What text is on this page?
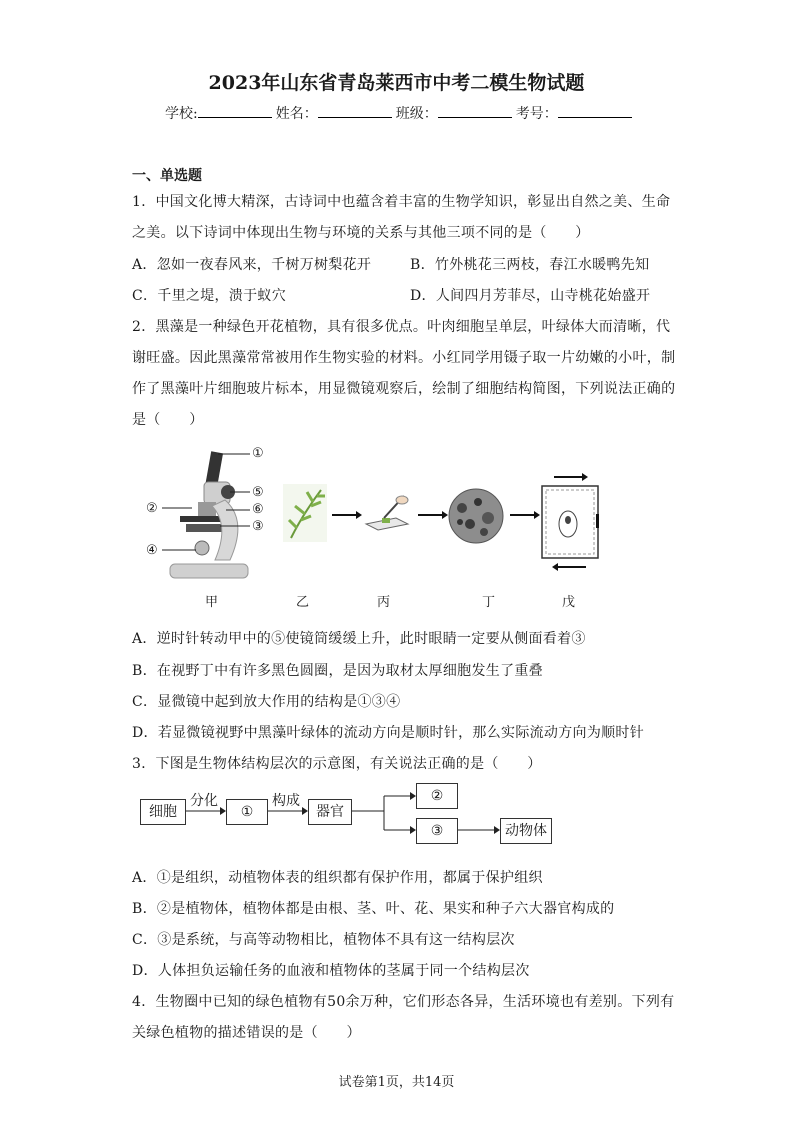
2023年山东省青岛莱西市中考二模生物试题
学校:	姓名：	班级：	考号：
一、单选题
1．中国文化博大精深，古诗词中也蕴含着丰富的生物学知识，彰显出自然之美、生命
之美。以下诗词中体现出生物与环境的关系与其他三项不同的是（　　）
A．忽如一夜春风来，千树万树梨花开	B．竹外桃花三两枝，春江水暖鸭先知
C．千里之堤，溃于蚁穴	D．人间四月芳菲尽，山寺桃花始盛开
2．黑藻是一种绿色开花植物，具有很多优点。叶肉细胞呈单层，叶绿体大而清晰，代
谢旺盛。因此黑藻常常被用作生物实验的材料。小红同学用镊子取一片幼嫩的小叶，制
作了黑藻叶片细胞玻片标本，用显微镜观察后，绘制了细胞结构简图，下列说法正确的
是（　　）
①
⑤
⑥
③
②
④
甲	乙	丙	丁	戊
A．逆时针转动甲中的⑤使镜筒缓缓上升，此时眼睛一定要从侧面看着③
B．在视野丁中有许多黑色圆圈，是因为取材太厚细胞发生了重叠
C．显微镜中起到放大作用的结构是①③④
D．若显微镜视野中黑藻叶绿体的流动方向是顺时针，那么实际流动方向为顺时针
3．下图是生物体结构层次的示意图，有关说法正确的是（　　）
细胞
分化
①
构成
器官
②
③	动物体
A．①是组织，动植物体表的组织都有保护作用，都属于保护组织
B．②是植物体，植物体都是由根、茎、叶、花、果实和种子六大器官构成的
C．③是系统，与高等动物相比，植物体不具有这一结构层次
D．人体担负运输任务的血液和植物体的茎属于同一个结构层次
4．生物圈中已知的绿色植物有50余万种，它们形态各异，生活环境也有差别。下列有
关绿色植物的描述错误的是（　　）
试卷第1页，共14页
